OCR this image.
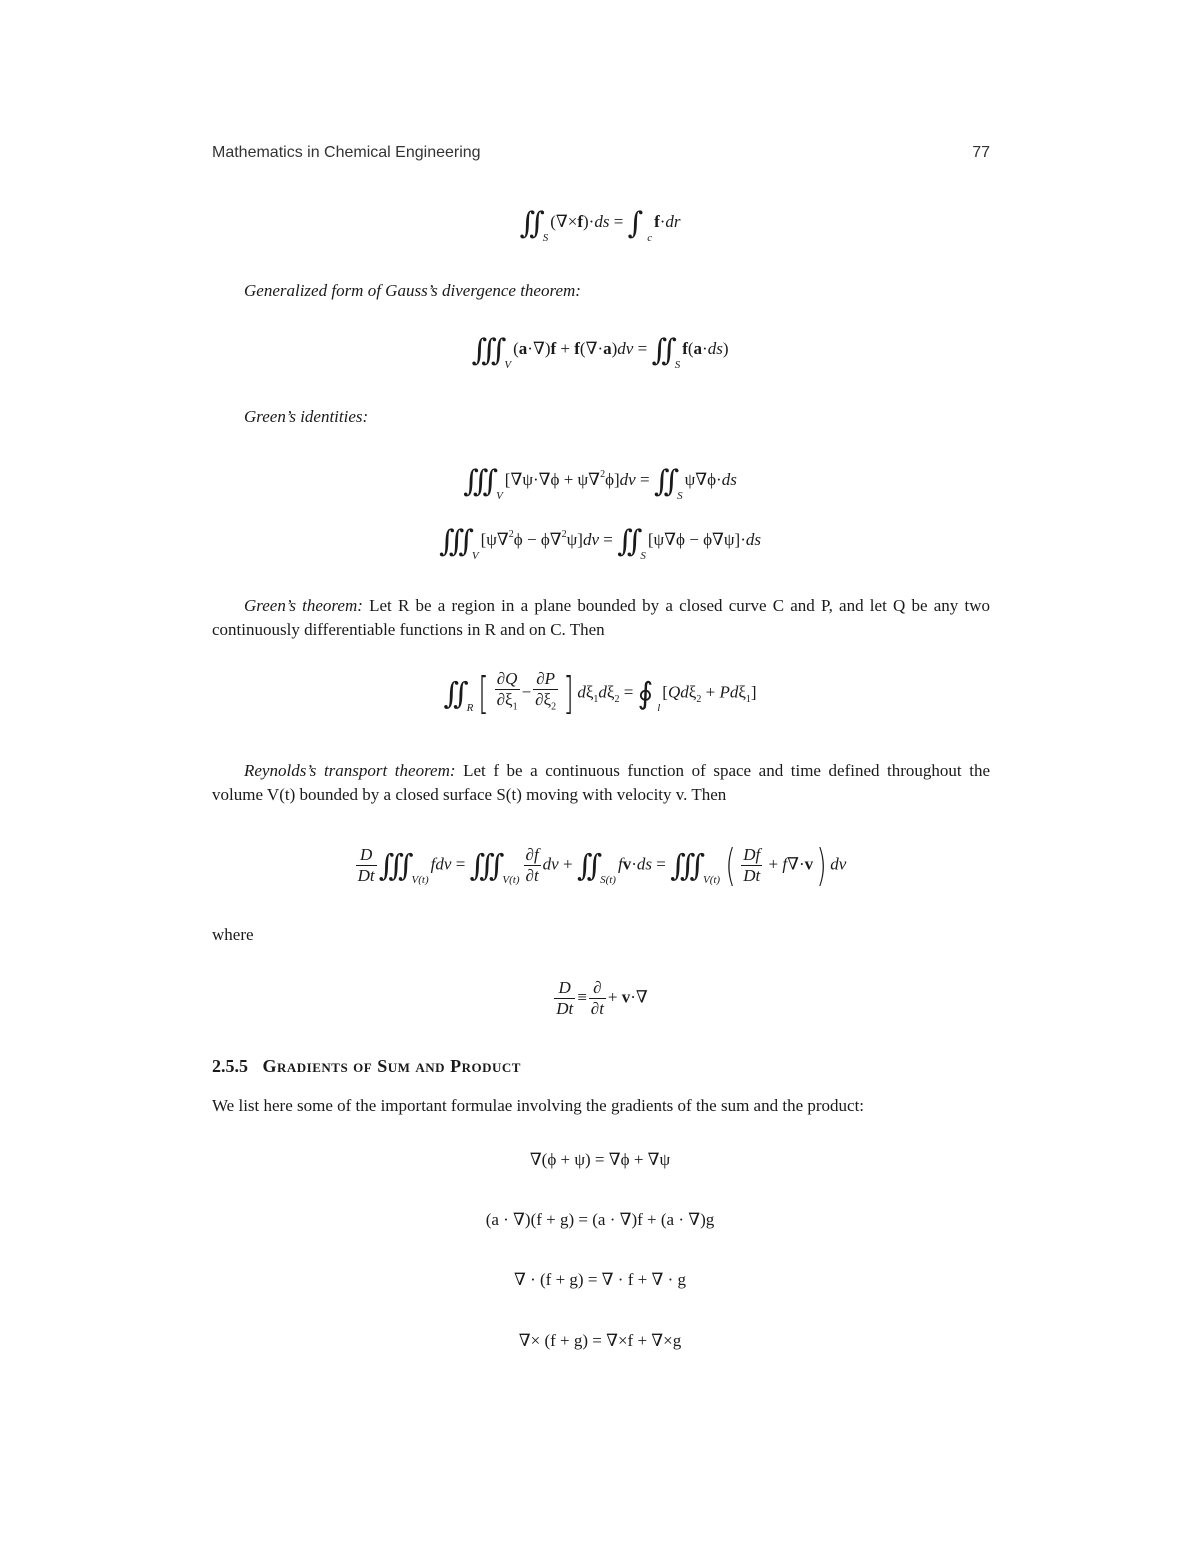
Mathematics in Chemical Engineering	77
∫∫ $_S$(∇×f)·ds = ∫ $_c$f·dr
Generalized form of Gauss’s divergence theorem:
∫∫∫ $_V$(a·∇)f + f(∇·a)dv = ∫∫ $_S$f(a·ds)
Green’s identities:
∫∫∫ $_V$[∇ψ·∇ϕ + ψ∇$^2$ϕ]dv = ∫∫ $_S$ψ∇ϕ·ds
∫∫∫ $_V$[ψ∇$^2$ϕ − ϕ∇$^2$ψ]dv = ∫∫ $_S$[ψ∇ϕ − ϕ∇ψ]·ds
Green’s theorem: Let R be a region in a plane bounded by a closed curve C and P, and let Q be any two continuously differentiable functions in R and on C. Then
∫∫ $_R$ [ $\frac{\partial Q}{\partial\xi_1} - \frac{\partial P}{\partial\xi_2}$ ] $d\xi_1d\xi_2$ = ∮ $_l$[Qdξ$_2$ + Pdξ$_1$]
Reynolds’s transport theorem: Let f be a continuous function of space and time defined throughout the volume V(t) bounded by a closed surface S(t) moving with velocity v. Then
$\frac{D}{Dt}$ ∫∫∫ $_{V(t)}$fdv = ∫∫∫ $_{V(t)} \frac{\partial f}{\partial t}$ dv + ∫∫ $_{S(t)}$fv·ds = ∫∫∫ $_{V(t)}$ ( $\frac{Df}{Dt} + f\nabla\cdot v$) dv
where
$\frac{D}{Dt} \equiv \frac{\partial}{\partial t} + v\cdot\nabla$
2.5.5 Gradients of Sum and Product
We list here some of the important formulae involving the gradients of the sum and the product:
∇(ϕ + ψ) = ∇ϕ + ∇ψ
(a · ∇)(f + g) = (a · ∇)f + (a · ∇)g
∇ · (f + g) = ∇ · f + ∇ · g
∇× (f + g) = ∇×f + ∇×g
